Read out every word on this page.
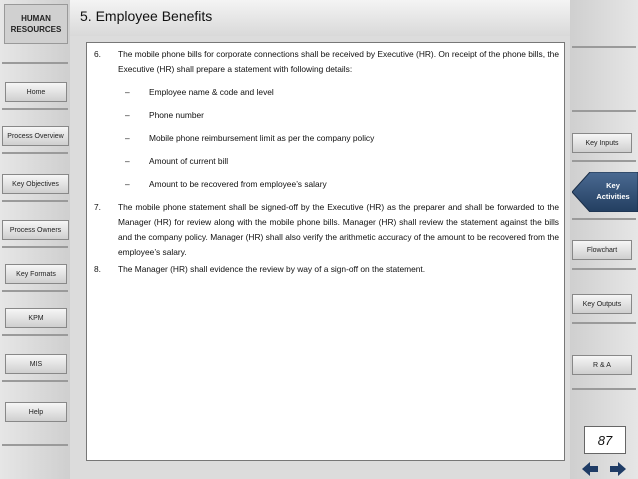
HUMAN
RESOURCES
Home
Process Overview
Key Objectives
Process Owners
Key Formats
KPM
MIS
Help
Key Inputs
Key
Activities
Flowchart
Key Outputs
R & A
5. Employee Benefits
6.	The mobile phone bills for corporate connections shall be received by Executive (HR). On receipt of the phone bills, the Executive (HR) shall prepare a statement with following details:
– Employee name & code and level
– Phone number
– Mobile phone reimbursement limit as per the company policy
– Amount of current bill
– Amount to be recovered from employee’s salary
7.	The mobile phone statement shall be signed-off by the Executive (HR) as the preparer and shall be forwarded to the Manager (HR) for review along with the mobile phone bills. Manager (HR) shall review the statement against the bills and the company policy. Manager (HR) shall also verify the arithmetic accuracy of the amount to be recovered from the employee’s salary.
8.	The Manager (HR) shall evidence the review by way of a sign-off on the statement.
87
